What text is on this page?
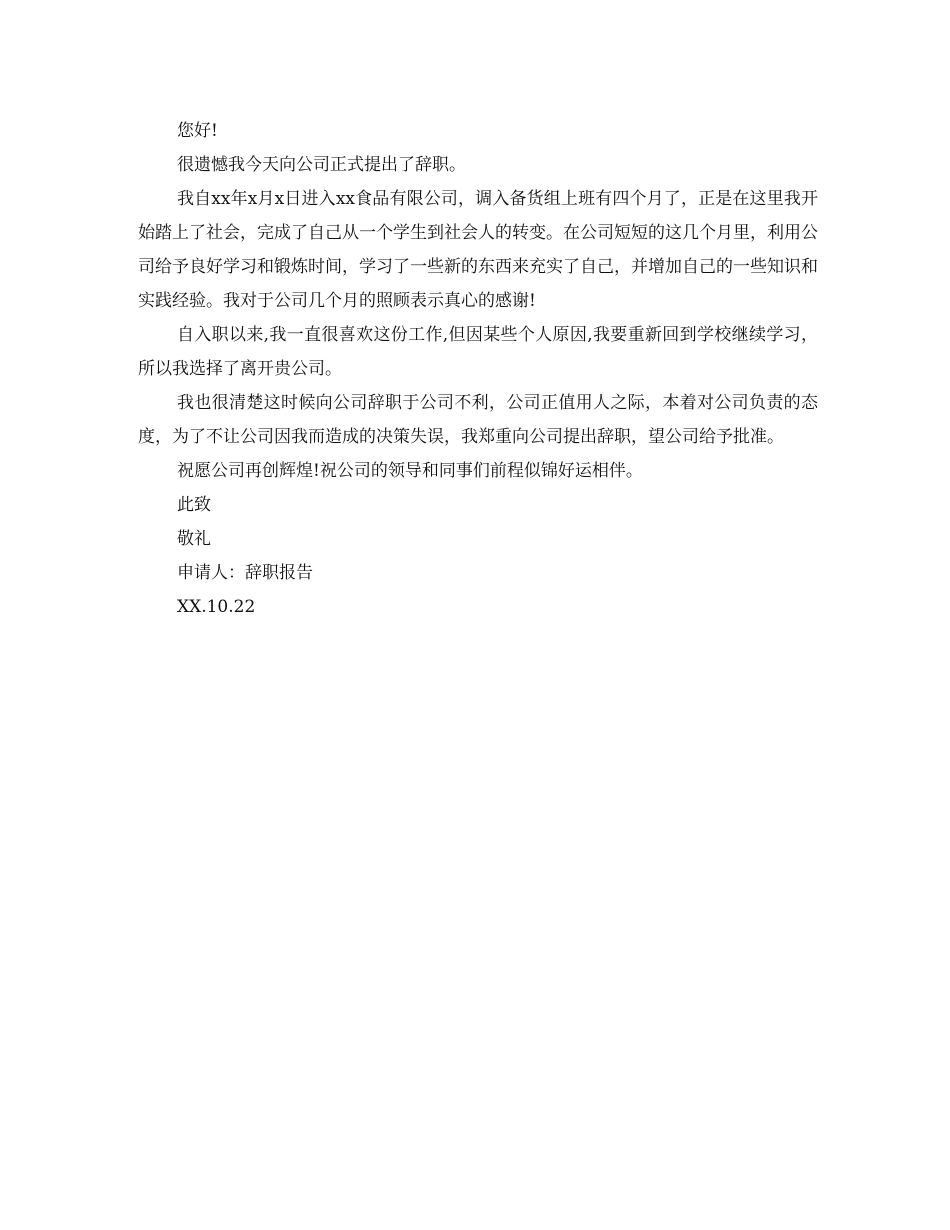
您好!

很遗憾我今天向公司正式提出了辞职。

我自xx年x月x日进入xx食品有限公司，调入备货组上班有四个月了，正是在这里我开始踏上了社会，完成了自己从一个学生到社会人的转变。在公司短短的这几个月里，利用公司给予良好学习和锻炼时间，学习了一些新的东西来充实了自己，并增加自己的一些知识和实践经验。我对于公司几个月的照顾表示真心的感谢!

自入职以来,我一直很喜欢这份工作,但因某些个人原因,我要重新回到学校继续学习，所以我选择了离开贵公司。

我也很清楚这时候向公司辞职于公司不利，公司正值用人之际，本着对公司负责的态度，为了不让公司因我而造成的决策失误，我郑重向公司提出辞职，望公司给予批准。

祝愿公司再创辉煌!祝公司的领导和同事们前程似锦好运相伴。

此致

敬礼

申请人：辞职报告

XX.10.22
